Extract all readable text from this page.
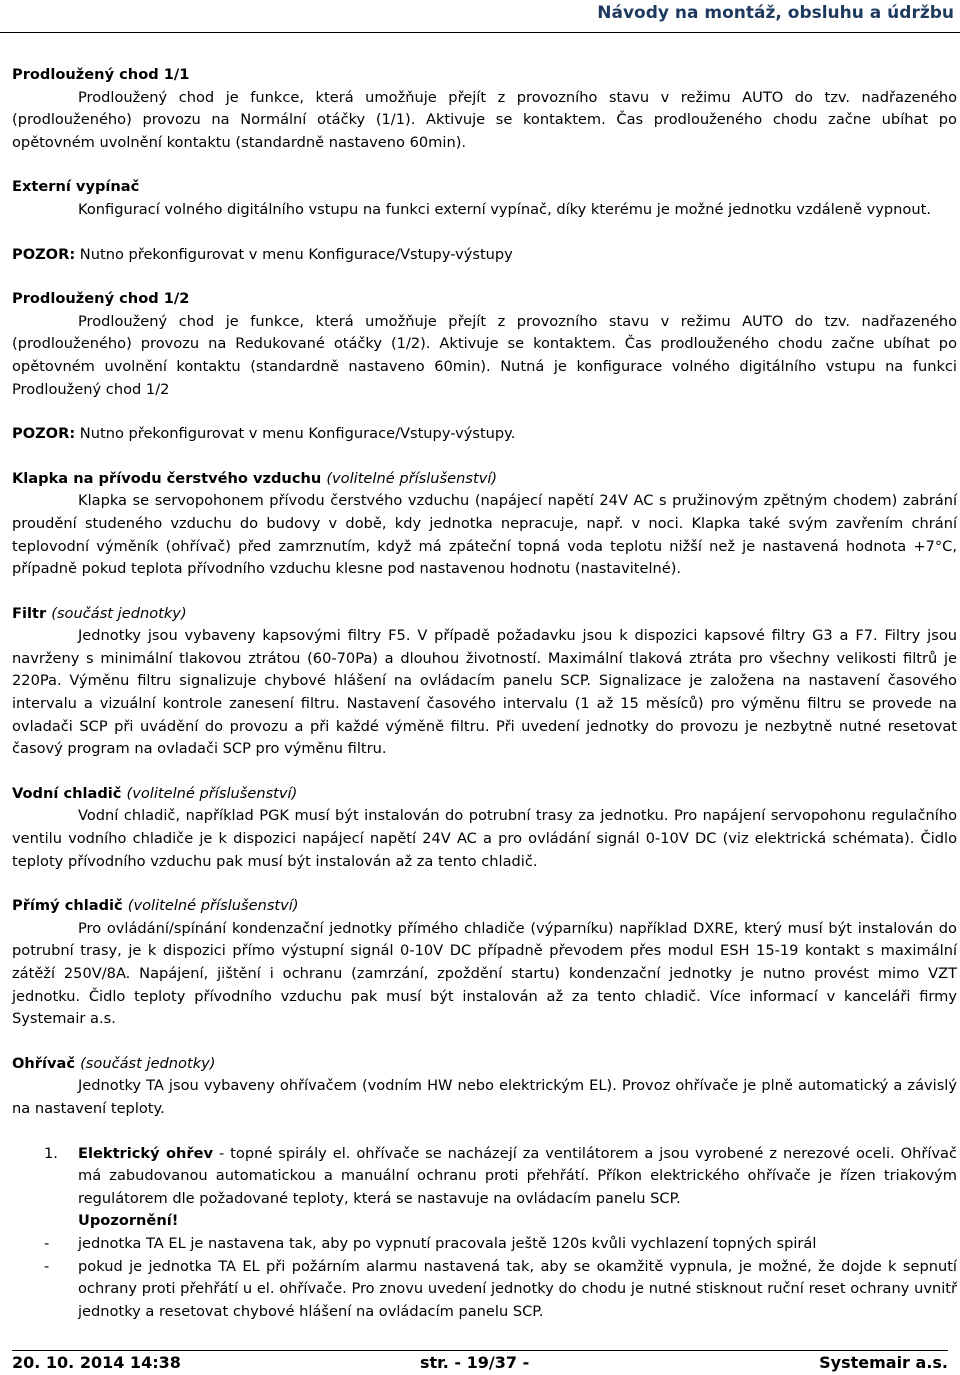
Návody na montáž, obsluhu a údržbu

Prodloužený chod 1/1

Prodloužený chod je funkce, která umožňuje přejít z provozního stavu v režimu AUTO do tzv. nadřazeného (prodlouženého) provozu na Normální otáčky (1/1). Aktivuje se kontaktem. Čas prodlouženého chodu začne ubíhat po opětovném uvolnění kontaktu (standardně nastaveno 60min).

Externí vypínač

Konfigurací volného digitálního vstupu na funkci externí vypínač, díky kterému je možné jednotku vzdáleně vypnout.

POZOR: Nutno překonfigurovat v menu Konfigurace/Vstupy-výstupy

Prodloužený chod 1/2

Prodloužený chod je funkce, která umožňuje přejít z provozního stavu v režimu AUTO do tzv. nadřazeného (prodlouženého) provozu na Redukované otáčky (1/2). Aktivuje se kontaktem. Čas prodlouženého chodu začne ubíhat po opětovném uvolnění kontaktu (standardně nastaveno 60min). Nutná je konfigurace volného digitálního vstupu na funkci Prodloužený chod 1/2

POZOR: Nutno překonfigurovat v menu Konfigurace/Vstupy-výstupy.

Klapka na přívodu čerstvého vzduchu (volitelné příslušenství)

Klapka se servopohonem přívodu čerstvého vzduchu (napájecí napětí 24V AC s pružinovým zpětným chodem) zabrání proudění studeného vzduchu do budovy v době, kdy jednotka nepracuje, např. v noci. Klapka také svým zavřením chrání teplovodní výměník (ohřívač) před zamrznutím, když má zpáteční topná voda teplotu nižší než je nastavená hodnota +7°C, případně pokud teplota přívodního vzduchu klesne pod nastavenou hodnotu (nastavitelné).

Filtr (součást jednotky)

Jednotky jsou vybaveny kapsovými filtry F5. V případě požadavku jsou k dispozici kapsové filtry G3 a F7. Filtry jsou navrženy s minimální tlakovou ztrátou (60-70Pa) a dlouhou životností. Maximální tlaková ztráta pro všechny velikosti filtrů je 220Pa. Výměnu filtru signalizuje chybové hlášení na ovládacím panelu SCP. Signalizace je založena na nastavení časového intervalu a vizuální kontrole zanesení filtru. Nastavení časového intervalu (1 až 15 měsíců) pro výměnu filtru se provede na ovladači SCP při uvádění do provozu a při každé výměně filtru. Při uvedení jednotky do provozu je nezbytně nutné resetovat časový program na ovladači SCP pro výměnu filtru.

Vodní chladič (volitelné příslušenství)

Vodní chladič, například PGK musí být instalován do potrubní trasy za jednotku. Pro napájení servopohonu regulačního ventilu vodního chladiče je k dispozici napájecí napětí 24V AC a pro ovládání signál 0-10V DC (viz elektrická schémata). Čidlo teploty přívodního vzduchu pak musí být instalován až za tento chladič.

Přímý chladič (volitelné příslušenství)

Pro ovládání/spínání kondenzační jednotky přímého chladiče (výparníku) například DXRE, který musí být instalován do potrubní trasy, je k dispozici přímo výstupní signál 0-10V DC případně převodem přes modul ESH 15-19 kontakt s maximální zátěží 250V/8A. Napájení, jištění i ochranu (zamrzání, zpoždění startu) kondenzační jednotky je nutno provést mimo VZT jednotku. Čidlo teploty přívodního vzduchu pak musí být instalován až za tento chladič. Více informací v kanceláři firmy Systemair a.s.

Ohřívač (součást jednotky)

Jednotky TA jsou vybaveny ohřívačem (vodním HW nebo elektrickým EL). Provoz ohřívače je plně automatický a závislý na nastavení teploty.

1. Elektrický ohřev - topné spirály el. ohřívače se nacházejí za ventilátorem a jsou vyrobené z nerezové oceli. Ohřívač má zabudovanou automatickou a manuální ochranu proti přehřátí. Příkon elektrického ohřívače je řízen triakovým regulátorem dle požadované teploty, která se nastavuje na ovládacím panelu SCP.
Upozornění!
- jednotka TA EL je nastavena tak, aby po vypnutí pracovala ještě 120s kvůli vychlazení topných spirál
- pokud je jednotka TA EL při požárním alarmu nastavená tak, aby se okamžitě vypnula, je možné, že dojde k sepnutí ochrany proti přehřátí u el. ohřívače. Pro znovu uvedení jednotky do chodu je nutné stisknout ruční reset ochrany uvnitř jednotky a resetovat chybové hlášení na ovládacím panelu SCP.
20. 10. 2014 14:38	str. - 19/37 -	Systemair a.s.
